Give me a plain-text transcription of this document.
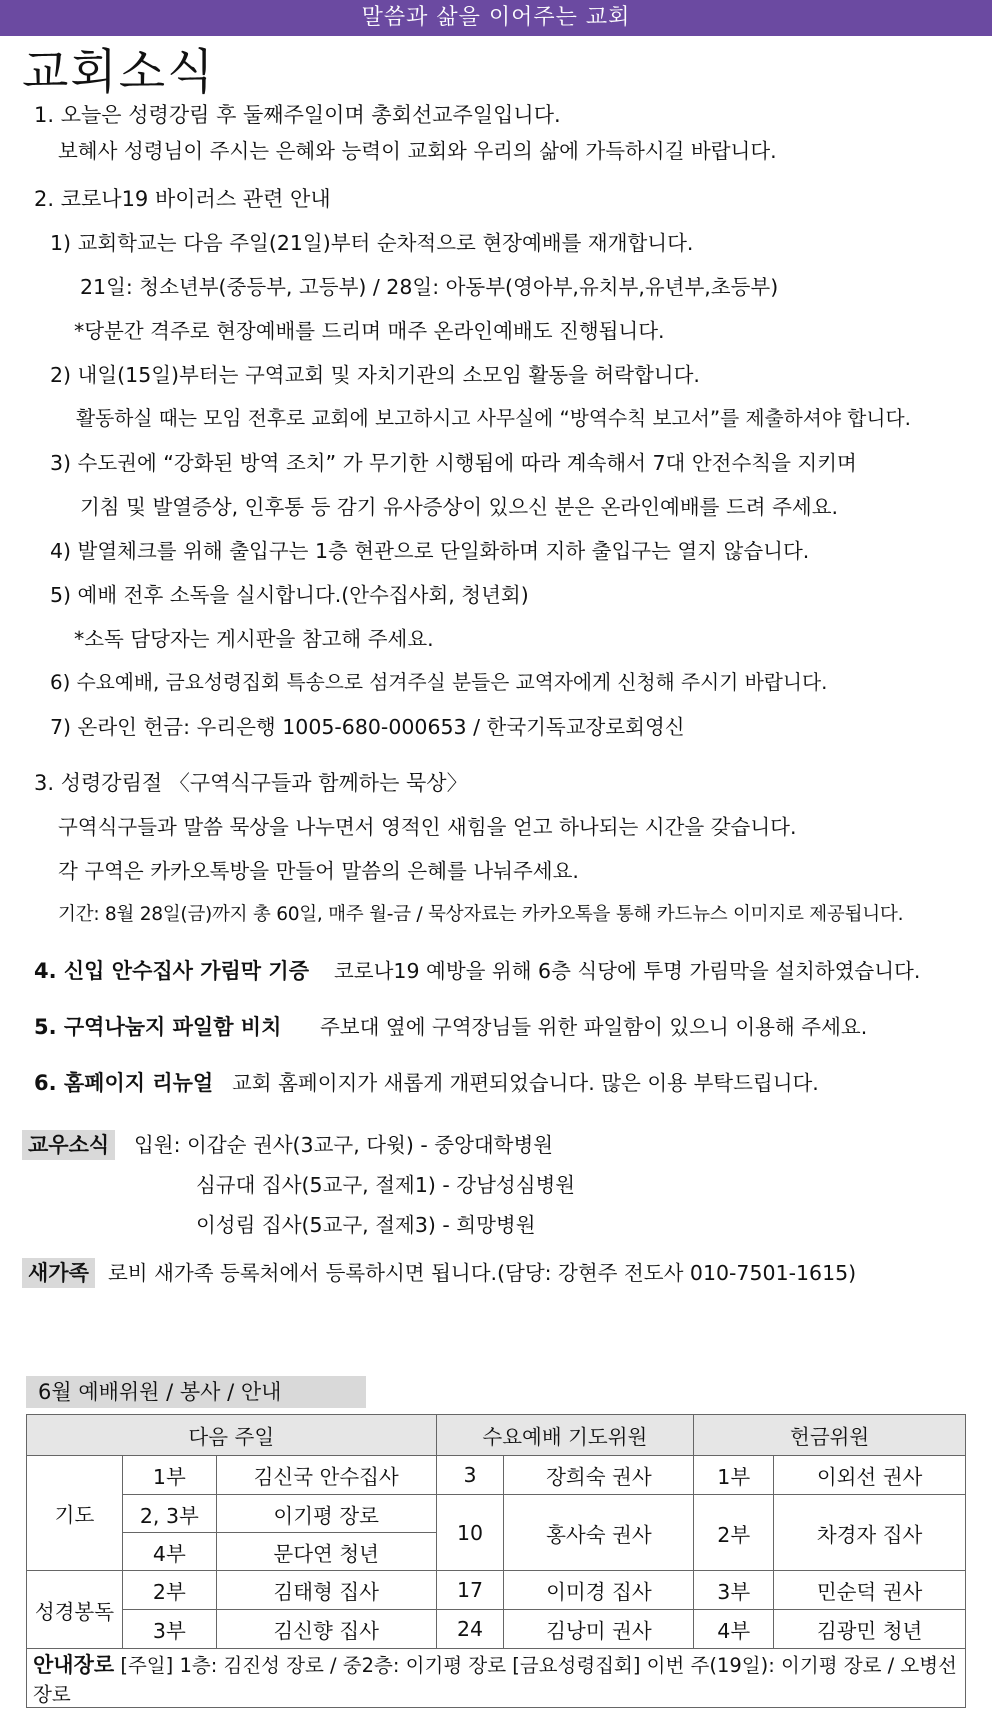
말씀과 삶을 이어주는 교회
교회소식
1. 오늘은 성령강림 후 둘째주일이며 총회선교주일입니다.
보혜사 성령님이 주시는 은혜와 능력이 교회와 우리의 삶에 가득하시길 바랍니다.
2. 코로나19 바이러스 관련 안내
1) 교회학교는 다음 주일(21일)부터 순차적으로 현장예배를 재개합니다.
21일: 청소년부(중등부, 고등부) / 28일: 아동부(영아부,유치부,유년부,초등부)
*당분간 격주로 현장예배를 드리며 매주 온라인예배도 진행됩니다.
2) 내일(15일)부터는 구역교회 및 자치기관의 소모임 활동을 허락합니다.
활동하실 때는 모임 전후로 교회에 보고하시고 사무실에 “방역수칙 보고서”를 제출하셔야 합니다.
3) 수도권에 “강화된 방역 조치” 가 무기한 시행됨에 따라 계속해서 7대 안전수칙을 지키며
기침 및 발열증상, 인후통 등 감기 유사증상이 있으신 분은 온라인예배를 드려 주세요.
4) 발열체크를 위해 출입구는 1층 현관으로 단일화하며 지하 출입구는 열지 않습니다.
5) 예배 전후 소독을 실시합니다.(안수집사회, 청년회)
*소독 담당자는 게시판을 참고해 주세요.
6) 수요예배, 금요성령집회 특송으로 섬겨주실 분들은 교역자에게 신청해 주시기 바랍니다.
7) 온라인 헌금: 우리은행 1005-680-000653 / 한국기독교장로회영신
3. 성령강림절 〈구역식구들과 함께하는 묵상〉
구역식구들과 말씀 묵상을 나누면서 영적인 새힘을 얻고 하나되는 시간을 갖습니다.
각 구역은 카카오톡방을 만들어 말씀의 은혜를 나눠주세요.
기간: 8월 28일(금)까지 총 60일, 매주 월-금 / 묵상자료는 카카오톡을 통해 카드뉴스 이미지로 제공됩니다.
4. 신입 안수집사 가림막 기증 코로나19 예방을 위해 6층 식당에 투명 가림막을 설치하였습니다.
5. 구역나눔지 파일함 비치 주보대 옆에 구역장님들 위한 파일함이 있으니 이용해 주세요.
6. 홈페이지 리뉴얼 교회 홈페이지가 새롭게 개편되었습니다. 많은 이용 부탁드립니다.
교우소식 입원: 이갑순 권사(3교구, 다윗) - 중앙대학병원
심규대 집사(5교구, 절제1) - 강남성심병원
이성림 집사(5교구, 절제3) - 희망병원
새가족 로비 새가족 등록처에서 등록하시면 됩니다.(담당: 강현주 전도사 010-7501-1615)
6월 예배위원 / 봉사 / 안내
다음 주일			수요예배 기도위원		헌금위원	
기도	1부	김신국 안수집사	3	장희숙 권사	1부	이외선 권사
	2, 3부	이기평 장로	10	홍사숙 권사	2부	차경자 집사
	4부	문다연 청년				
성경봉독	2부	김태형 집사	17	이미경 집사	3부	민순덕 권사
	3부	김신향 집사	24	김낭미 권사	4부	김광민 청년
안내장로 [주일] 1층: 김진성 장로 / 중2층: 이기평 장로 [금요성령집회] 이번 주(19일): 이기평 장로 / 오병선 장로						
